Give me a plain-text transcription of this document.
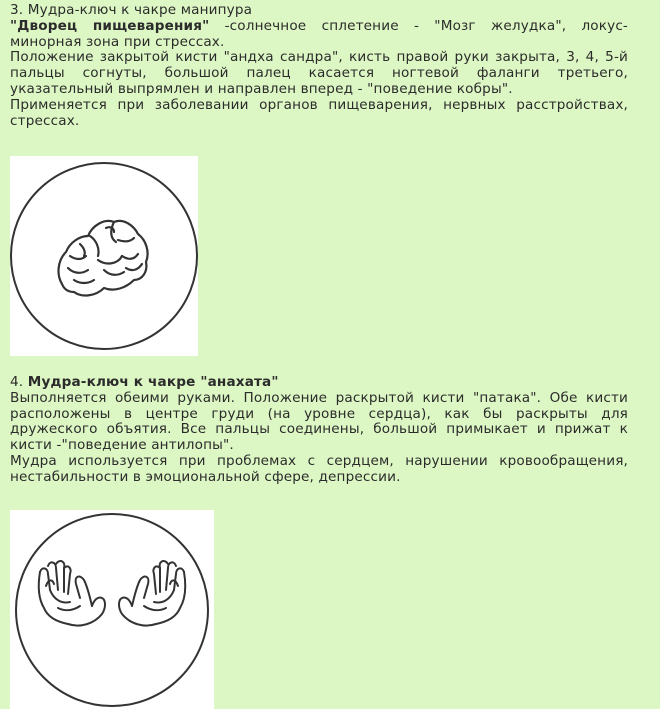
3. Мудра-ключ к чакре манипура

"Дворец пищеварения" -солнечное сплетение - "Мозг желудка", локус-

минорная зона при стрессах.

Положение закрытой кисти "андха сандра", кисть правой руки закрыта, 3, 4, 5-й пальцы согнуты, большой палец касается ногтевой фаланги третьего, указательный выпрямлен и направлен вперед - "поведение кобры".

Применяется при заболевании органов пищеварения, нервных расстройствах, стрессах.

4. Мудра-ключ к чакре "анахата"

Выполняется обеими руками. Положение раскрытой кисти "патака". Обе кисти расположены в центре груди (на уровне сердца), как бы раскрыты для дружеского объятия. Все пальцы соединены, большой примыкает и прижат к кисти -"поведение антилопы".

Мудра используется при проблемах с сердцем, нарушении кровообращения, нестабильности в эмоциональной сфере, депрессии.
